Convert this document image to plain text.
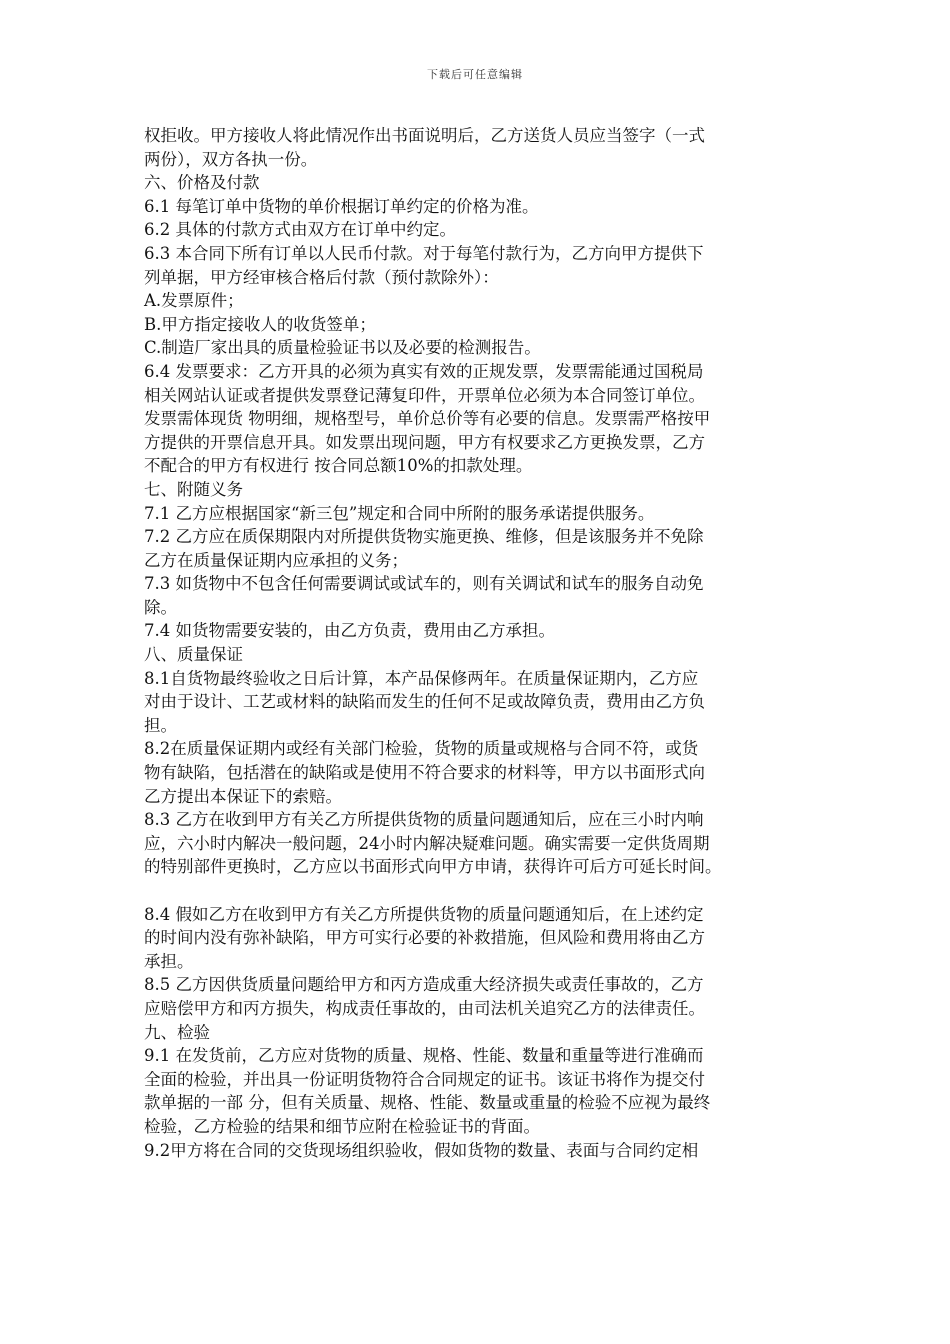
下载后可任意编辑
权拒收。甲方接收人将此情况作出书面说明后，乙方送货人员应当签字（一式
两份），双方各执一份。
六、价格及付款
6.1 每笔订单中货物的单价根据订单约定的价格为准。
6.2 具体的付款方式由双方在订单中约定。
6.3 本合同下所有订单以人民币付款。对于每笔付款行为，乙方向甲方提供下
列单据，甲方经审核合格后付款（预付款除外）：
A.发票原件；
B.甲方指定接收人的收货签单；
C.制造厂家出具的质量检验证书以及必要的检测报告。
6.4 发票要求：乙方开具的必须为真实有效的正规发票，发票需能通过国税局
相关网站认证或者提供发票登记薄复印件，开票单位必须为本合同签订单位。
发票需体现货 物明细，规格型号，单价总价等有必要的信息。发票需严格按甲
方提供的开票信息开具。如发票出现问题，甲方有权要求乙方更换发票，乙方
不配合的甲方有权进行 按合同总额10%的扣款处理。
七、附随义务
7.1 乙方应根据国家“新三包”规定和合同中所附的服务承诺提供服务。
7.2 乙方应在质保期限内对所提供货物实施更换、维修，但是该服务并不免除
乙方在质量保证期内应承担的义务；
7.3 如货物中不包含任何需要调试或试车的，则有关调试和试车的服务自动免
除。
7.4 如货物需要安装的，由乙方负责，费用由乙方承担。
八、质量保证
8.1自货物最终验收之日后计算，本产品保修两年。在质量保证期内，乙方应
对由于设计、工艺或材料的缺陷而发生的任何不足或故障负责，费用由乙方负
担。
8.2在质量保证期内或经有关部门检验，货物的质量或规格与合同不符，或货
物有缺陷，包括潜在的缺陷或是使用不符合要求的材料等，甲方以书面形式向
乙方提出本保证下的索赔。
8.3 乙方在收到甲方有关乙方所提供货物的质量问题通知后，应在三小时内响
应，六小时内解决一般问题，24小时内解决疑难问题。确实需要一定供货周期
的特别部件更换时，乙方应以书面形式向甲方申请，获得许可后方可延长时间。
8.4 假如乙方在收到甲方有关乙方所提供货物的质量问题通知后，在上述约定
的时间内没有弥补缺陷，甲方可实行必要的补救措施，但风险和费用将由乙方
承担。
8.5 乙方因供货质量问题给甲方和丙方造成重大经济损失或责任事故的，乙方
应赔偿甲方和丙方损失，构成责任事故的，由司法机关追究乙方的法律责任。
九、检验
9.1 在发货前，乙方应对货物的质量、规格、性能、数量和重量等进行准确而
全面的检验，并出具一份证明货物符合合同规定的证书。该证书将作为提交付
款单据的一部 分，但有关质量、规格、性能、数量或重量的检验不应视为最终
检验，乙方检验的结果和细节应附在检验证书的背面。
9.2甲方将在合同的交货现场组织验收，假如货物的数量、表面与合同约定相
